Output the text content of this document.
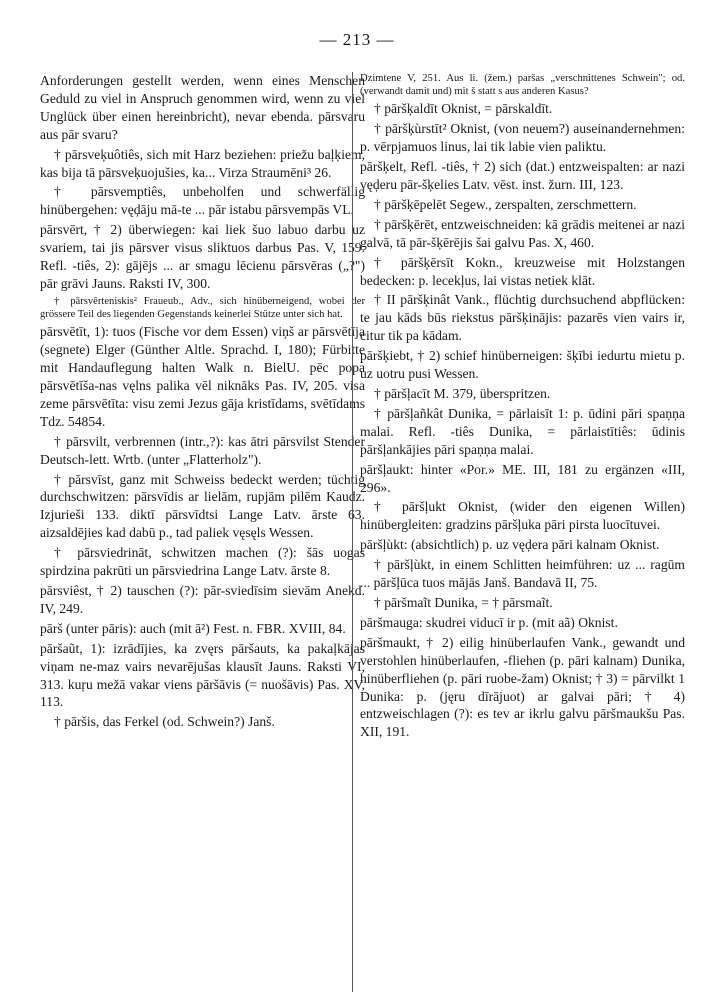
— 213 —

Anforderungen gestellt werden, wenn eines Menschen Geduld zu viel in Anspruch genommen wird, wenn zu viel Unglück über einen hereinbricht), nevar ebenda. pārsvaru aus pār svaru?

† pārsveķuôtiês, sich mit Harz beziehen: priežu baļķiem, kas bija tā pārsveķuojušies, ka... Virza Straumēni³ 26.

† pārsvemptiês, unbeholfen und schwerfällig hinübergehen: vęḑāju mā-te ... pār istabu pārsvempās VL.

pārsvērt, † 2) überwiegen: kai liek šuo labuo darbu uz svariem, tai jis pārsver visus sliktuos darbus Pas. V, 159. Refl. -tiês, 2): gājējs ... ar smagu lēcienu pārsvēras („?") pār grāvi Jauns. Raksti IV, 300.

† pārsvērteniskis² Fraueub., Adv., sich hinüberneigend, wobei der grössere Teil des liegenden Gegenstands keinerlei Stütze unter sich hat.

pārsvētīt, 1): tuos (Fische vor dem Essen) viņš ar pārsvētīja (segnete) Elger (Günther Altle. Sprachd. I, 180); Fürbitte mit Handauflegung halten Walk n. BielU. pēc popa pārsvētīša-nas vęlns palika vēl niknāks Pas. IV, 205. visa zeme pārsvētīta: visu zemi Jezus gāja kristīdams, svētīdams Tdz. 54854.

† pārsvilt, verbrennen (intr.,?): kas ātri pārsvilst Stender Deutsch-lett. Wrtb. (unter „Flatterholz").

† pārsvīst, ganz mit Schweiss bedeckt werden; tüchtig durchschwitzen: pārsvīdis ar lielām, rupjām pilēm Kaudz. Izjurieši 133. diktī pārsvīdtsi Lange Latv. ārste 63. aizsaldējies kad dabū p., tad paliek vęsęls Wessen.

† pārsviedrināt, schwitzen machen (?): šās uogas spirdzina pakrūti un pārsviedrina Lange Latv. ārste 8.

pārsviêst, † 2) tauschen (?): pār-sviedīsim sievām Anekd. IV, 249.

pārš (unter pāris): auch (mit ā²) Fest. n. FBR. XVIII, 84.

pāršaũt, 1): izrādījies, ka zvęrs pāršauts, ka pakaļkājas viņam ne-maz vairs nevarējušas klausīt Jauns. Raksti VI, 313. kuŗu mežā vakar viens pāršāvis (= nuošāvis) Pas. XV, 113.

† pāršis, das Ferkel (od. Schwein?) Janš.

Dzimtene V, 251. Aus li. (žem.) paršas „verschnittenes Schwein"; od. (verwandt damit und) mit š statt s aus anderen Kasus?

† pāršķaldīt Oknist, = pārskaldīt.

† pāršķùrstīt² Oknist, (von neuem?) auseinandernehmen: p. vērpjamuos linus, lai tik labie vien paliktu.

pāršķelt, Refl. -tiês, † 2) sich (dat.) entzweispalten: ar nazi vęḑeru pār-šķelies Latv. vēst. inst. žurn. III, 123.

† pāršķēpelēt Segew., zerspalten, zerschmettern.

† pāršķērēt, entzweischneiden: kā grādis meitenei ar nazi galvā, tā pār-šķērējis šai galvu Pas. X, 460.

† pāršķērsīt Kokn., kreuzweise mit Holzstangen bedecken: p. lecekļus, lai vistas netiek klāt.

† II pāršķinât Vank., flüchtig durchsuchend abpflücken: te jau kāds būs riekstus pāršķinājis: pazarēs vien vairs ir, citur tik pa kādam.

pāršķiebt, † 2) schief hinüberneigen: šķībi iedurtu mietu p. uz uotru pusi Wessen.

† pāršļacīt M. 379, überspritzen.

† pāršļañkât Dunika, = pārlaisīt 1: p. ūdini pāri spaņņa malai. Refl. -tiês Dunika, = pārlaistītiês: ūdinis pāršļankājies pāri spaņņa malai.

pāršļaukt: hinter «Por.» ME. III, 181 zu ergänzen «III, 296».

† pāršļukt Oknist, (wider den eigenen Willen) hinübergleiten: gradzins pāršļuka pāri pirsta luocītuvei.

pāršļùkt: (absichtlich) p. uz vęḑera pāri kalnam Oknist.

† pāršļùkt, in einem Schlitten heimführen: uz ... ragūm ... pāršļūca tuos mājās Janš. Bandavā II, 75.

† pāršmaĩt Dunika, = † pārsmaĩt.

pāršmauga: skudrei viducī ir p. (mit aã) Oknist.

pāršmaukt, † 2) eilig hinüberlaufen Vank., gewandt und verstohlen hinüberlaufen, -fliehen (p. pāri kalnam) Dunika, hinüberfliehen (p. pāri ruobe-žam) Oknist; † 3) = pārvilkt 1 Dunika: p. (jęru dīrājuot) ar galvai pāri; † 4) entzweischlagen (?): es tev ar ikrlu galvu pāršmaukšu Pas. XII, 191.
